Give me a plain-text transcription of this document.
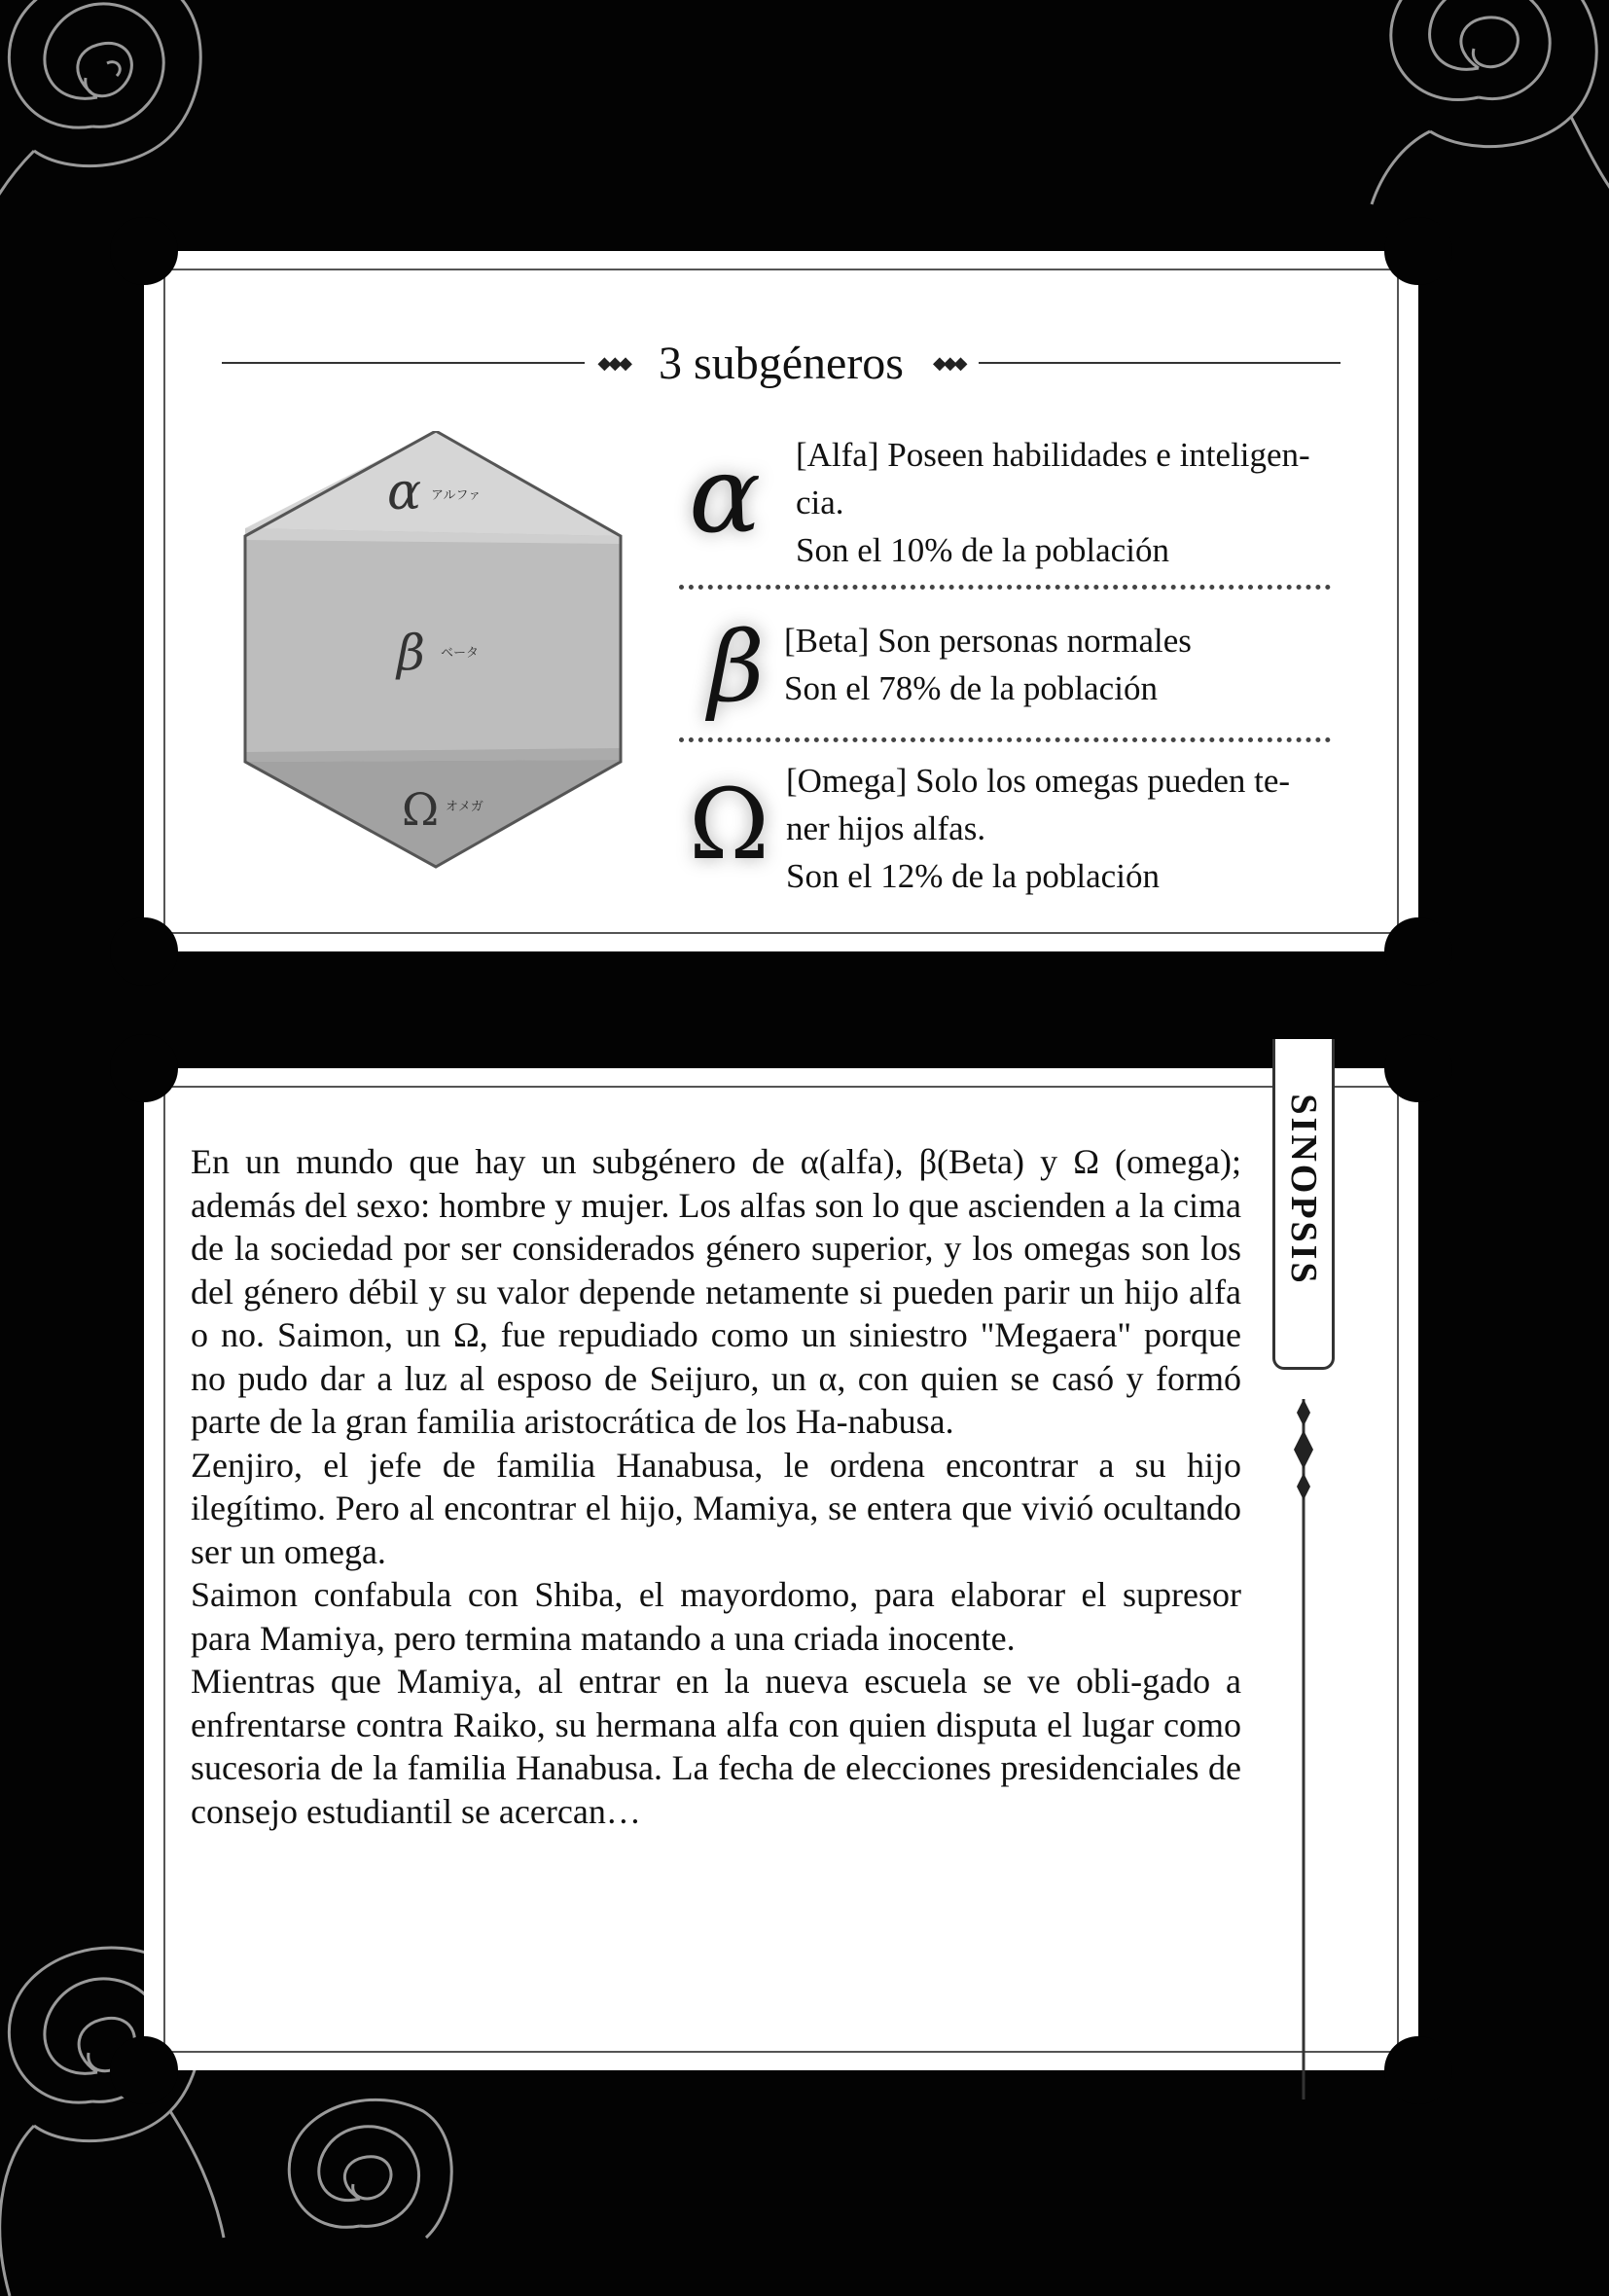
◆◆◆ 3 subgéneros	◆◆◆
α アルファ
β ベータ
Ω オメガ
α [Alfa] Poseen habilidades e inteligen-
cia.
Son el 10% de la población
β [Beta] Son personas normales
Son el 78% de la población
Ω [Omega] Solo los omegas pueden te-
ner hijos alfas.
Son el 12% de la población

En un mundo que hay un subgénero de α(alfa), β(Beta) y Ω (omega); además del sexo: hombre y mujer. Los alfas son lo que ascienden a la cima de la sociedad por ser considerados género superior, y los omegas son los del género débil y su valor depende netamente si pueden parir un hijo alfa o no. Saimon, un Ω, fue repudiado como un siniestro "Megaera" porque no pudo dar a luz al esposo de Seijuro, un α, con quien se casó y formó parte de la gran familia aristocrática de los Ha-nabusa.

Zenjiro, el jefe de familia Hanabusa, le ordena encontrar a su hijo ilegítimo. Pero al encontrar el hijo, Mamiya, se entera que vivió ocultando ser un omega.

Saimon confabula con Shiba, el mayordomo, para elaborar el supresor para Mamiya, pero termina matando a una criada inocente.

Mientras que Mamiya, al entrar en la nueva escuela se ve obli-gado a enfrentarse contra Raiko, su hermana alfa con quien disputa el lugar como sucesoria de la familia Hanabusa. La fecha de elecciones presidenciales de consejo estudiantil se acercan…

SINOPSIS
